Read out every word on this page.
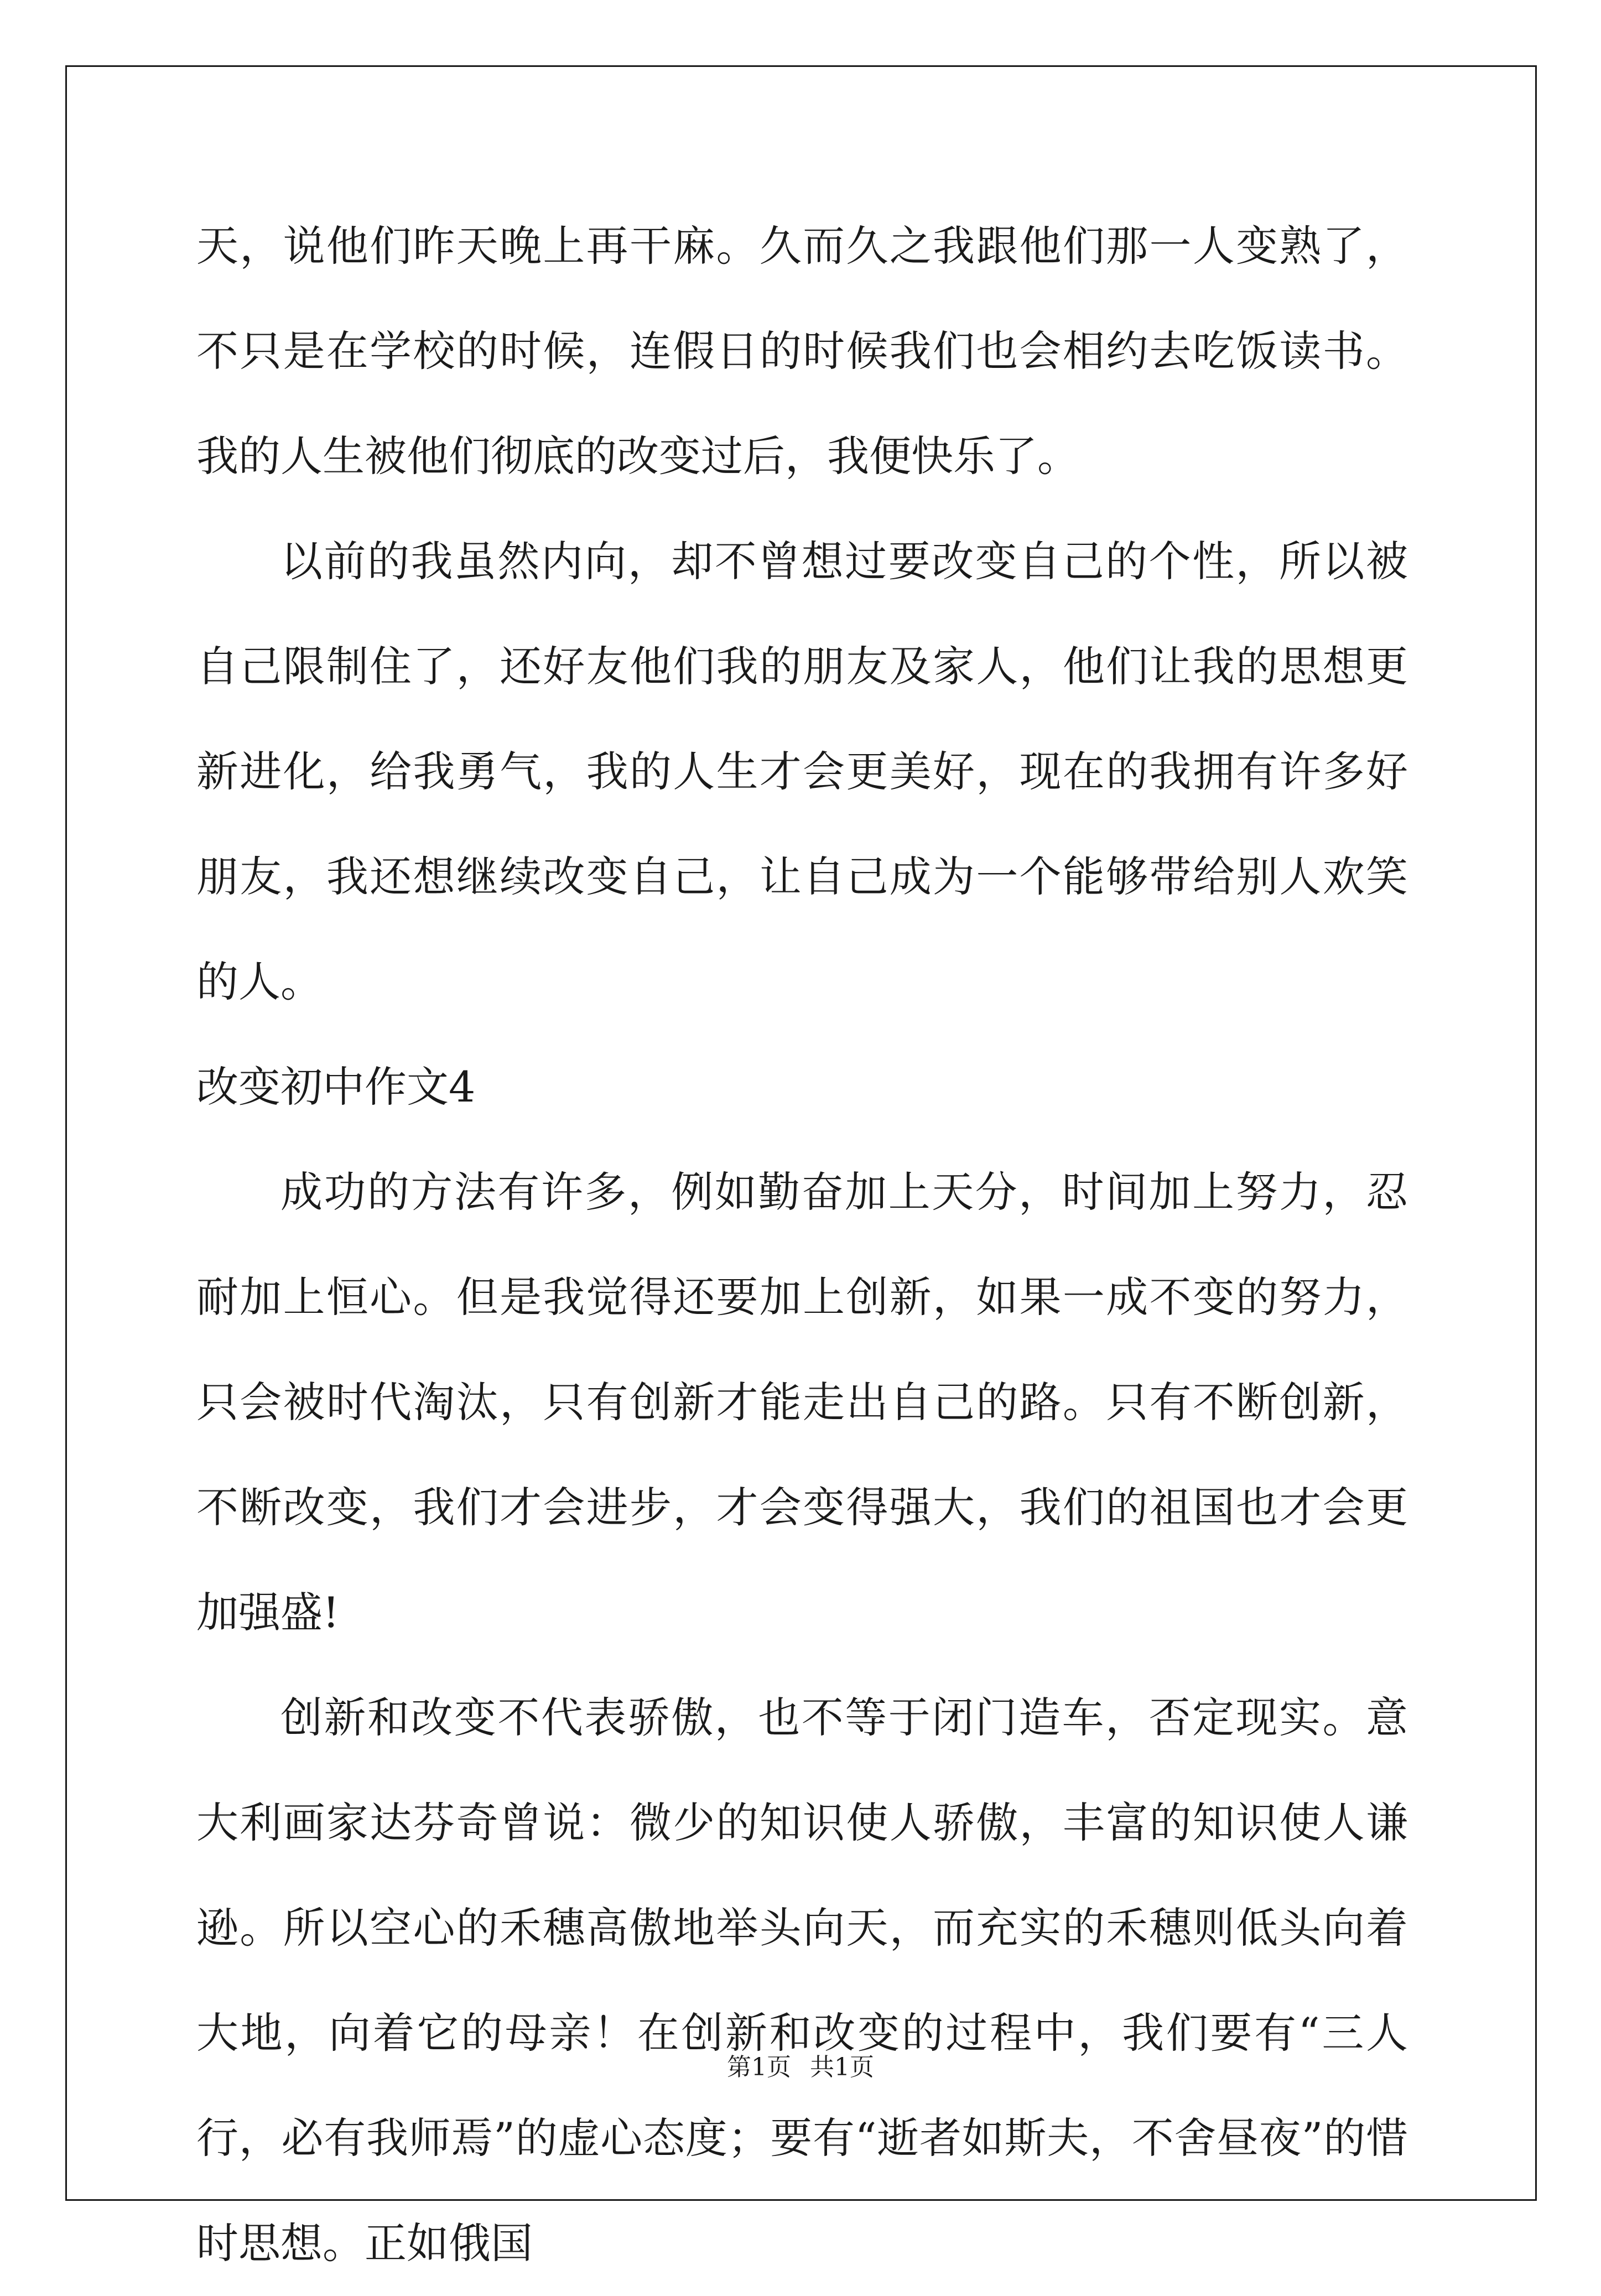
天，说他们昨天晚上再干麻。久而久之我跟他们那一人变熟了，不只是在学校的时候，连假日的时候我们也会相约去吃饭读书。我的人生被他们彻底的改变过后，我便快乐了。

以前的我虽然内向，却不曾想过要改变自己的个性，所以被自己限制住了，还好友他们我的朋友及家人，他们让我的思想更新进化，给我勇气，我的人生才会更美好，现在的我拥有许多好朋友，我还想继续改变自己，让自己成为一个能够带给别人欢笑的人。

改变初中作文4

成功的方法有许多，例如勤奋加上天分，时间加上努力，忍耐加上恒心。但是我觉得还要加上创新，如果一成不变的努力，只会被时代淘汰，只有创新才能走出自己的路。只有不断创新，不断改变，我们才会进步，才会变得强大，我们的祖国也才会更加强盛!

创新和改变不代表骄傲，也不等于闭门造车，否定现实。意大利画家达芬奇曾说：微少的知识使人骄傲，丰富的知识使人谦逊。所以空心的禾穗高傲地举头向天，而充实的禾穗则低头向着大地，向着它的母亲！在创新和改变的过程中，我们要有“三人行，必有我师焉”的虚心态度；要有“逝者如斯夫，不舍昼夜”的惜时思想。正如俄国

第1页 共1页
